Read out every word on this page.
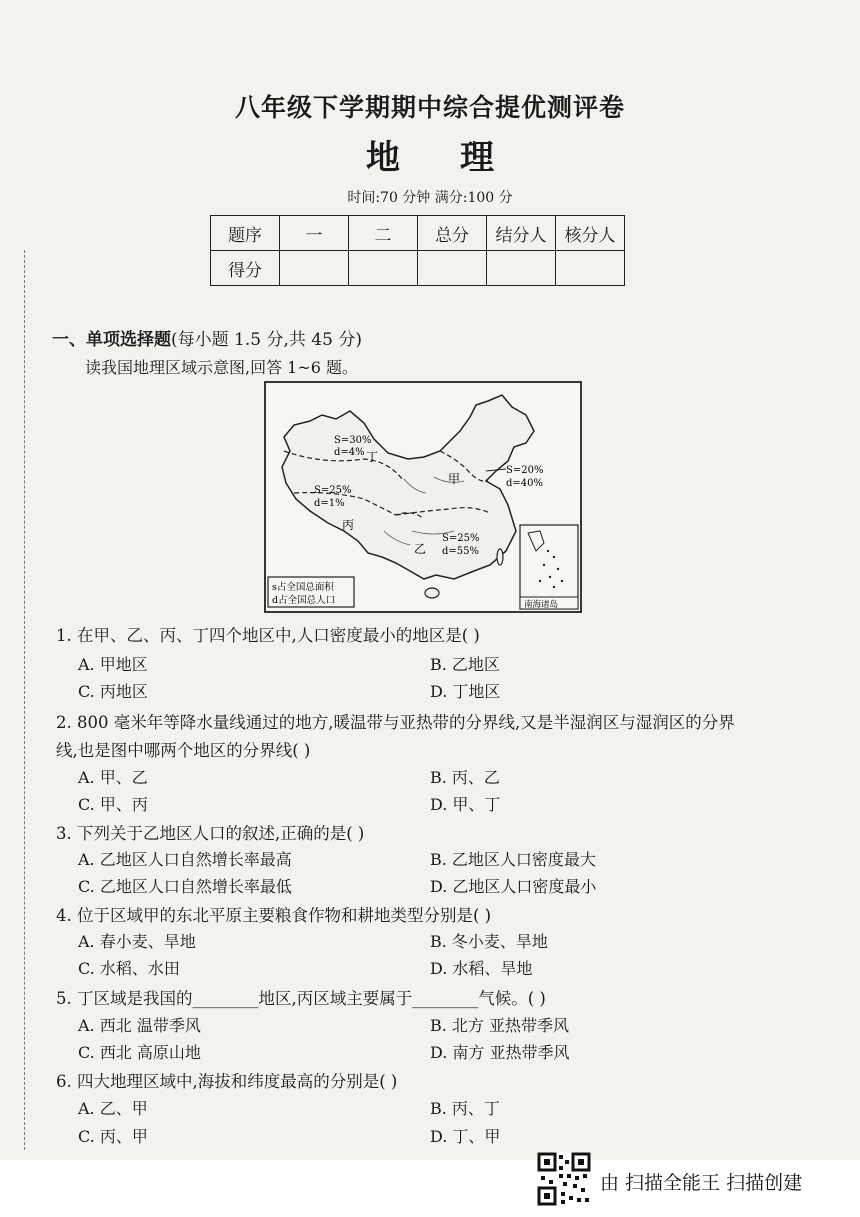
八年级下学期期中综合提优测评卷
地理
时间:70 分钟 满分:100 分
题序	一	二	总分	结分人	核分人
得分					
一、单项选择题(每小题 1.5 分,共 45 分)
读我国地理区域示意图,回答 1~6 题。
S=30%
d=4% 丁
S=25%
d=1%
丙
甲
S=20%
d=40%
S=25%
d=55%
乙
s占全国总面积
d占全国总人口	南海诸岛
1. 在甲、乙、丙、丁四个地区中,人口密度最小的地区是( )
A. 甲地区	B. 乙地区
C. 丙地区	D. 丁地区
2. 800 毫米年等降水量线通过的地方,暖温带与亚热带的分界线,又是半湿润区与湿润区的分界
线,也是图中哪两个地区的分界线( )
A. 甲、乙	B. 丙、乙
C. 甲、丙	D. 甲、丁
3. 下列关于乙地区人口的叙述,正确的是( )
A. 乙地区人口自然增长率最高	B. 乙地区人口密度最大
C. 乙地区人口自然增长率最低	D. 乙地区人口密度最小
4. 位于区域甲的东北平原主要粮食作物和耕地类型分别是( )
A. 春小麦、旱地	B. 冬小麦、旱地
C. 水稻、水田	D. 水稻、旱地
5. 丁区域是我国的________地区,丙区域主要属于________气候。( )
A. 西北 温带季风	B. 北方 亚热带季风
C. 西北 高原山地	D. 南方 亚热带季风
6. 四大地理区域中,海拔和纬度最高的分别是( )
A. 乙、甲	B. 丙、丁
C. 丙、甲	D. 丁、甲
由 扫描全能王 扫描创建
